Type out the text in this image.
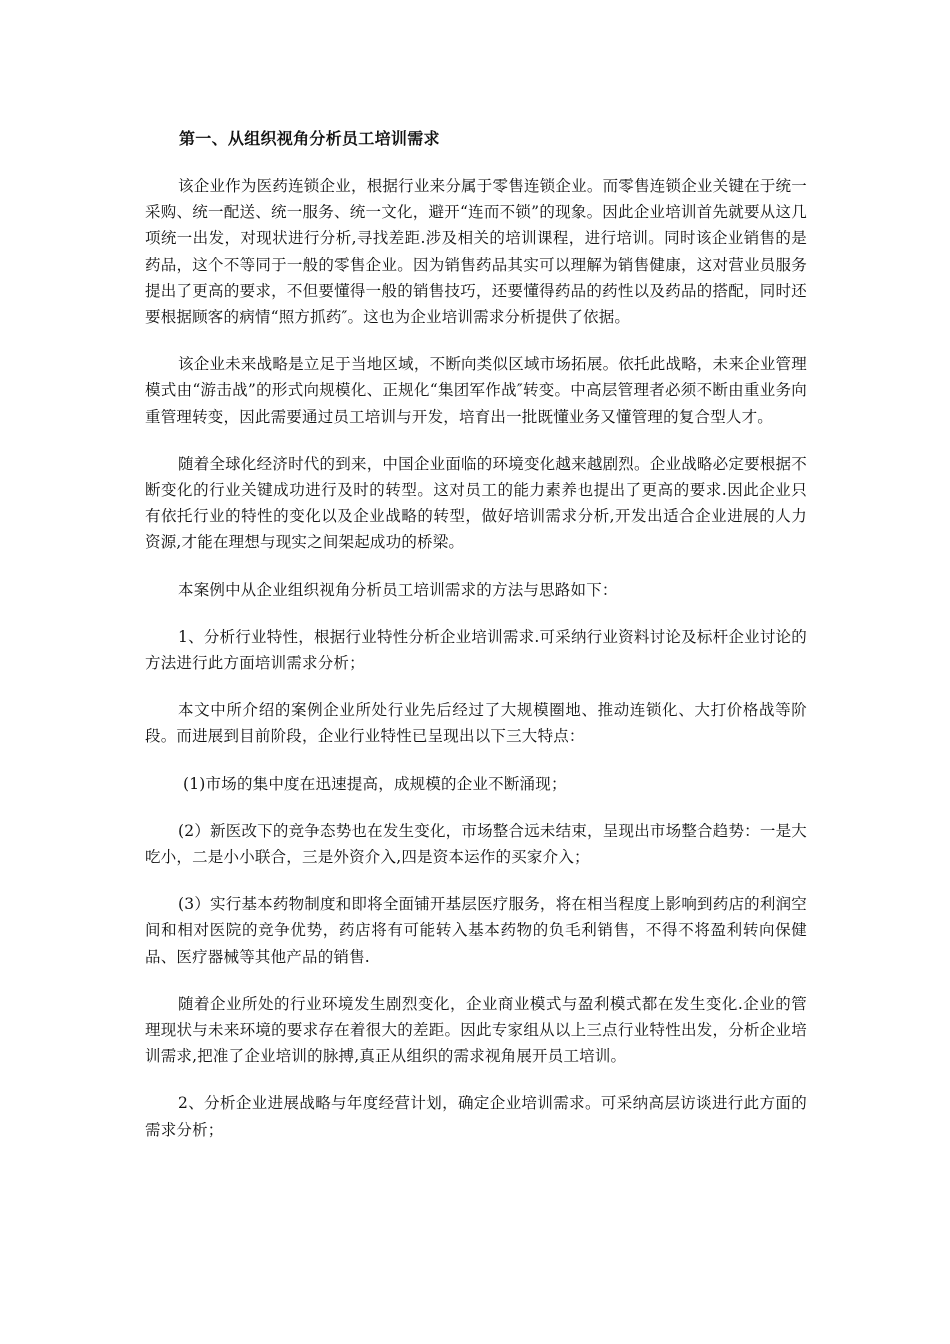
第一、从组织视角分析员工培训需求

该企业作为医药连锁企业，根据行业来分属于零售连锁企业。而零售连锁企业关键在于统一采购、统一配送、统一服务、统一文化，避开“连而不锁”的现象。因此企业培训首先就要从这几项统一出发，对现状进行分析,寻找差距.涉及相关的培训课程，进行培训。同时该企业销售的是药品，这个不等同于一般的零售企业。因为销售药品其实可以理解为销售健康，这对营业员服务提出了更高的要求，不但要懂得一般的销售技巧，还要懂得药品的药性以及药品的搭配，同时还要根据顾客的病情“照方抓药″。这也为企业培训需求分析提供了依据。

该企业未来战略是立足于当地区域，不断向类似区域市场拓展。依托此战略，未来企业管理模式由“游击战”的形式向规模化、正规化“集团军作战″转变。中高层管理者必须不断由重业务向重管理转变，因此需要通过员工培训与开发，培育出一批既懂业务又懂管理的复合型人才。

随着全球化经济时代的到来，中国企业面临的环境变化越来越剧烈。企业战略必定要根据不断变化的行业关键成功进行及时的转型。这对员工的能力素养也提出了更高的要求.因此企业只有依托行业的特性的变化以及企业战略的转型，做好培训需求分析,开发出适合企业进展的人力资源,才能在理想与现实之间架起成功的桥梁。

本案例中从企业组织视角分析员工培训需求的方法与思路如下：

1、分析行业特性，根据行业特性分析企业培训需求.可采纳行业资料讨论及标杆企业讨论的方法进行此方面培训需求分析；

本文中所介绍的案例企业所处行业先后经过了大规模圈地、推动连锁化、大打价格战等阶段。而进展到目前阶段，企业行业特性已呈现出以下三大特点：

(1)市场的集中度在迅速提高，成规模的企业不断涌现；

(2）新医改下的竞争态势也在发生变化，市场整合远未结束，呈现出市场整合趋势：一是大吃小，二是小小联合，三是外资介入,四是资本运作的买家介入；

(3）实行基本药物制度和即将全面铺开基层医疗服务，将在相当程度上影响到药店的利润空间和相对医院的竞争优势，药店将有可能转入基本药物的负毛利销售，不得不将盈利转向保健品、医疗器械等其他产品的销售.

随着企业所处的行业环境发生剧烈变化，企业商业模式与盈利模式都在发生变化.企业的管理现状与未来环境的要求存在着很大的差距。因此专家组从以上三点行业特性出发，分析企业培训需求,把准了企业培训的脉搏,真正从组织的需求视角展开员工培训。

2、分析企业进展战略与年度经营计划，确定企业培训需求。可采纳高层访谈进行此方面的需求分析；
